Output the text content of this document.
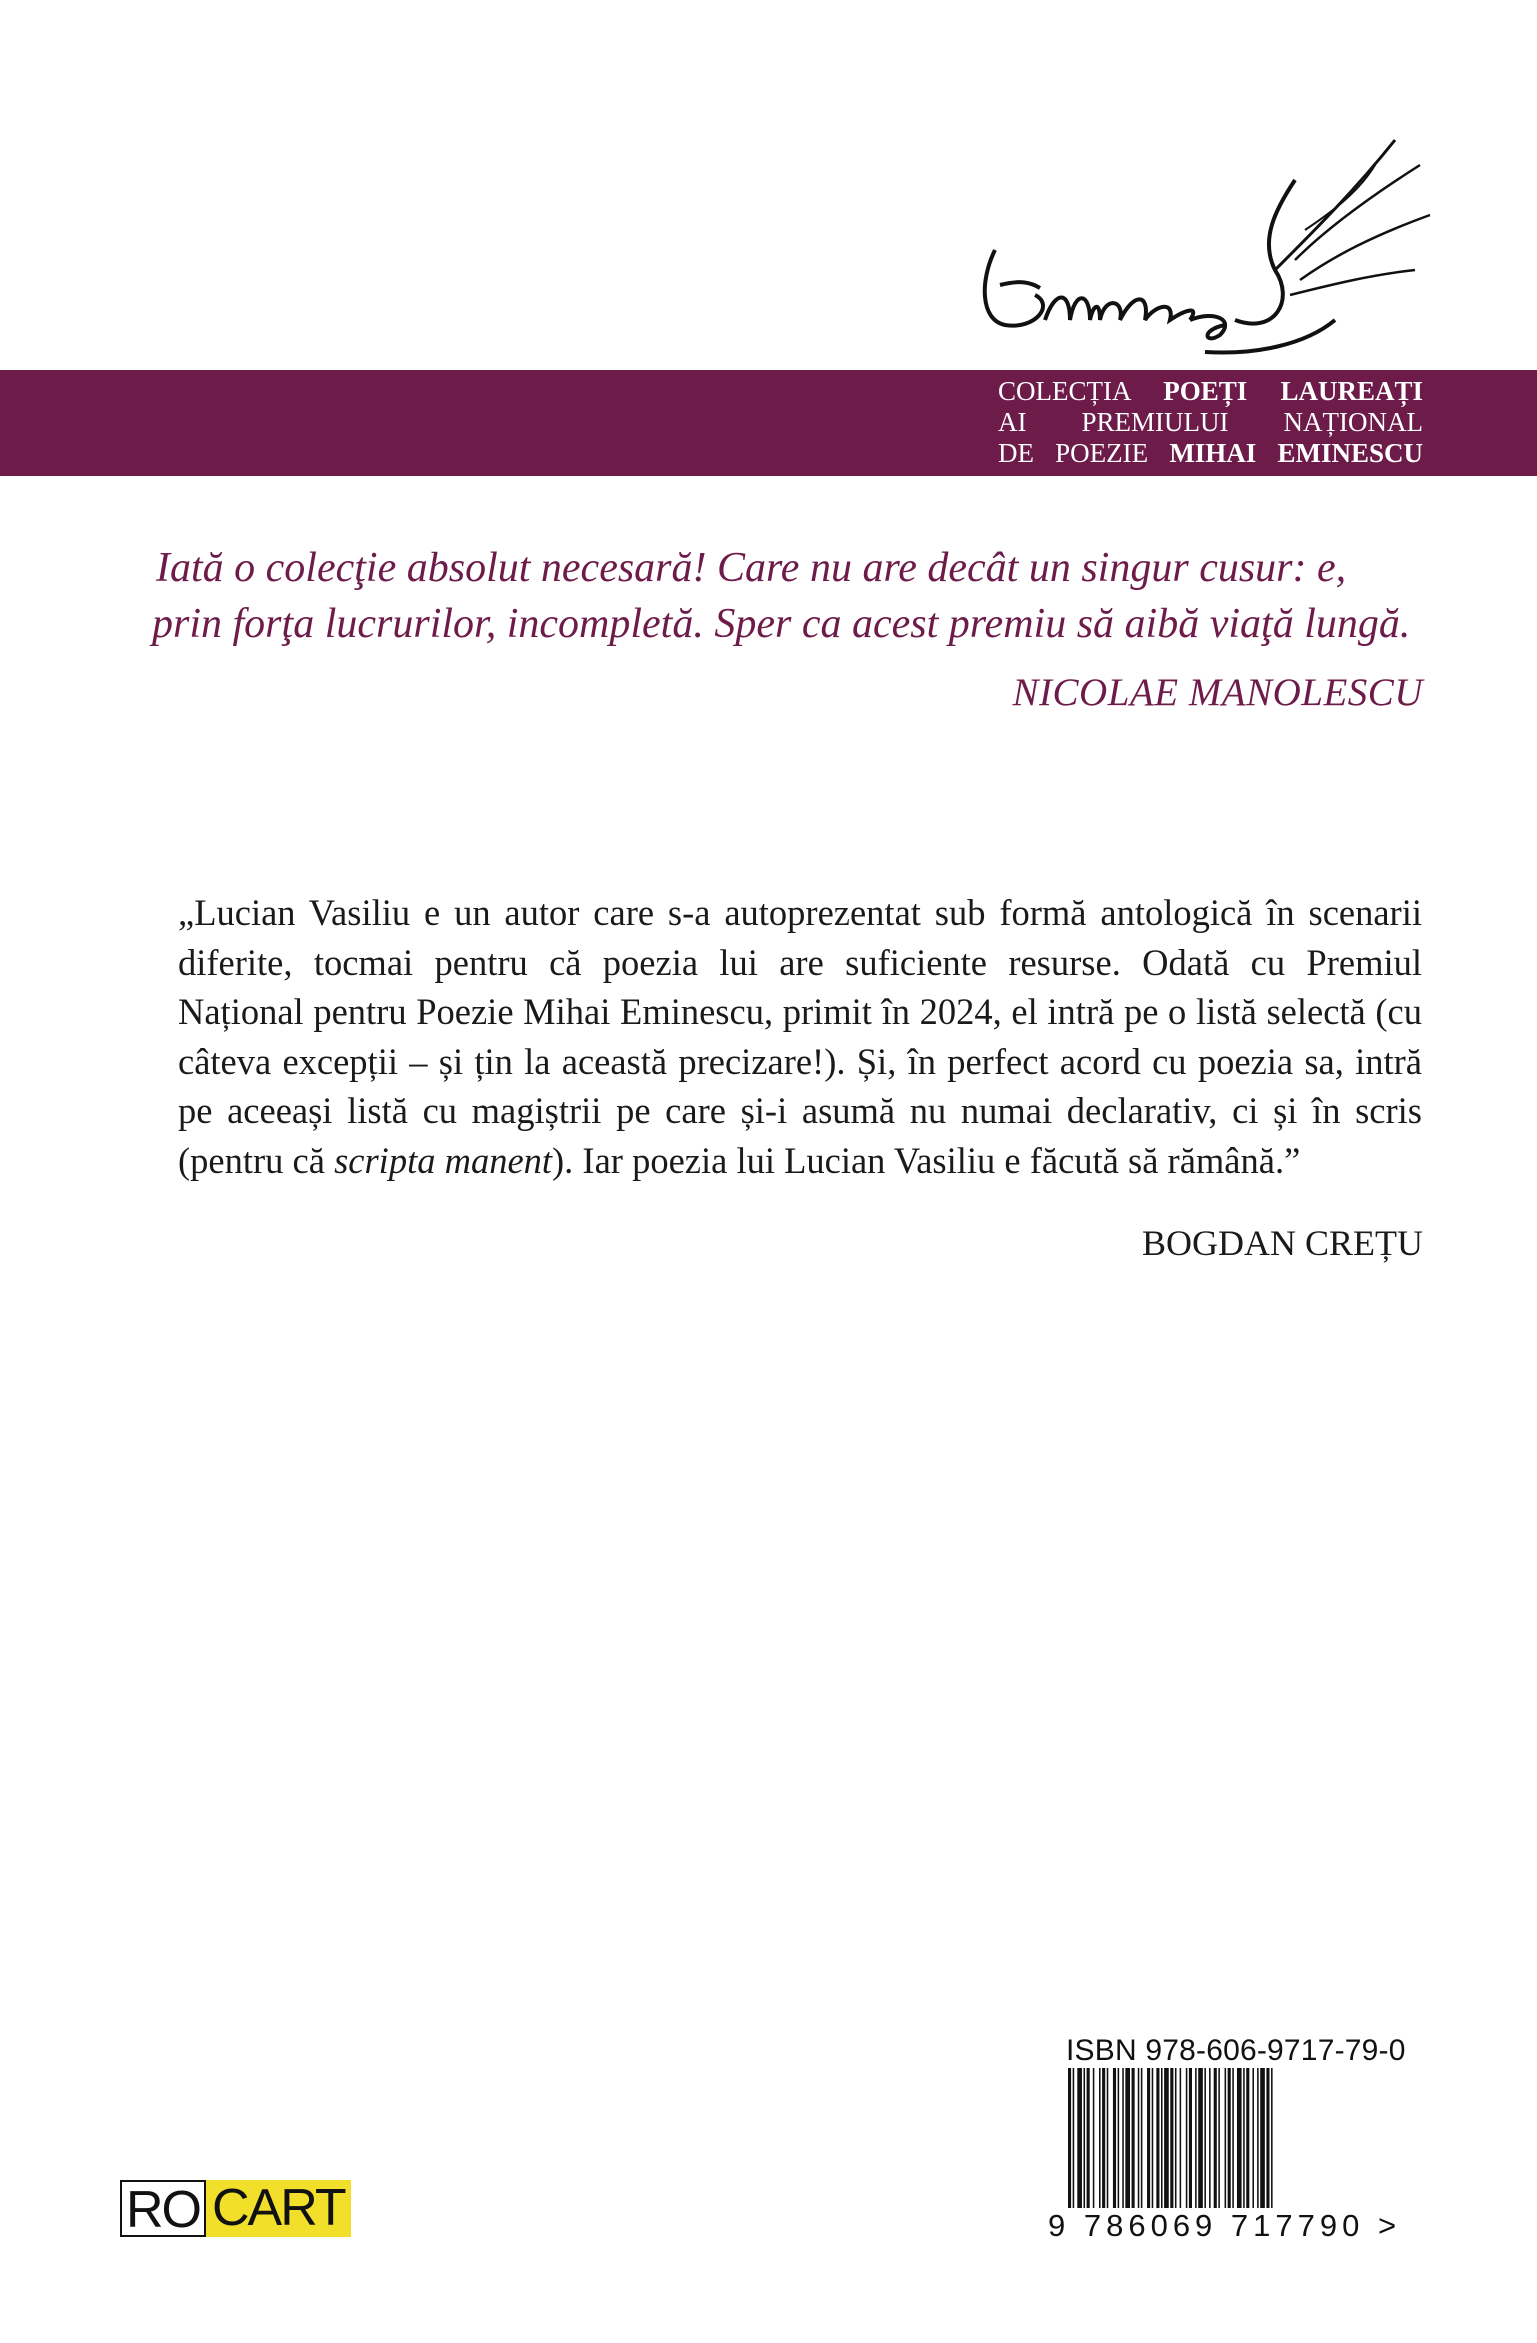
COLECȚIA POEȚI LAUREAȚI
AI PREMIULUI NAȚIONAL
DE POEZIE MIHAI EMINESCU
Iată o colecţie absolut necesară! Care nu are decât un singur cusur: e, prin forţa lucrurilor, incompletă. Sper ca acest premiu să aibă viaţă lungă.
NICOLAE MANOLESCU
„Lucian Vasiliu e un autor care s-a autoprezentat sub formă antologică în scenarii diferite, tocmai pentru că poezia lui are suficiente resurse. Odată cu Premiul Național pentru Poezie Mihai Eminescu, primit în 2024, el intră pe o listă selectă (cu câteva excepții – și țin la această precizare!). Și, în perfect acord cu poezia sa, intră pe aceeași listă cu magiștrii pe care și-i asumă nu numai declarativ, ci și în scris (pentru că scripta manent). Iar poezia lui Lucian Vasiliu e făcută să rămână.”
BOGDAN CREȚU
ISBN 978-606-9717-79-0
9 786069 717790 >
RO CART
